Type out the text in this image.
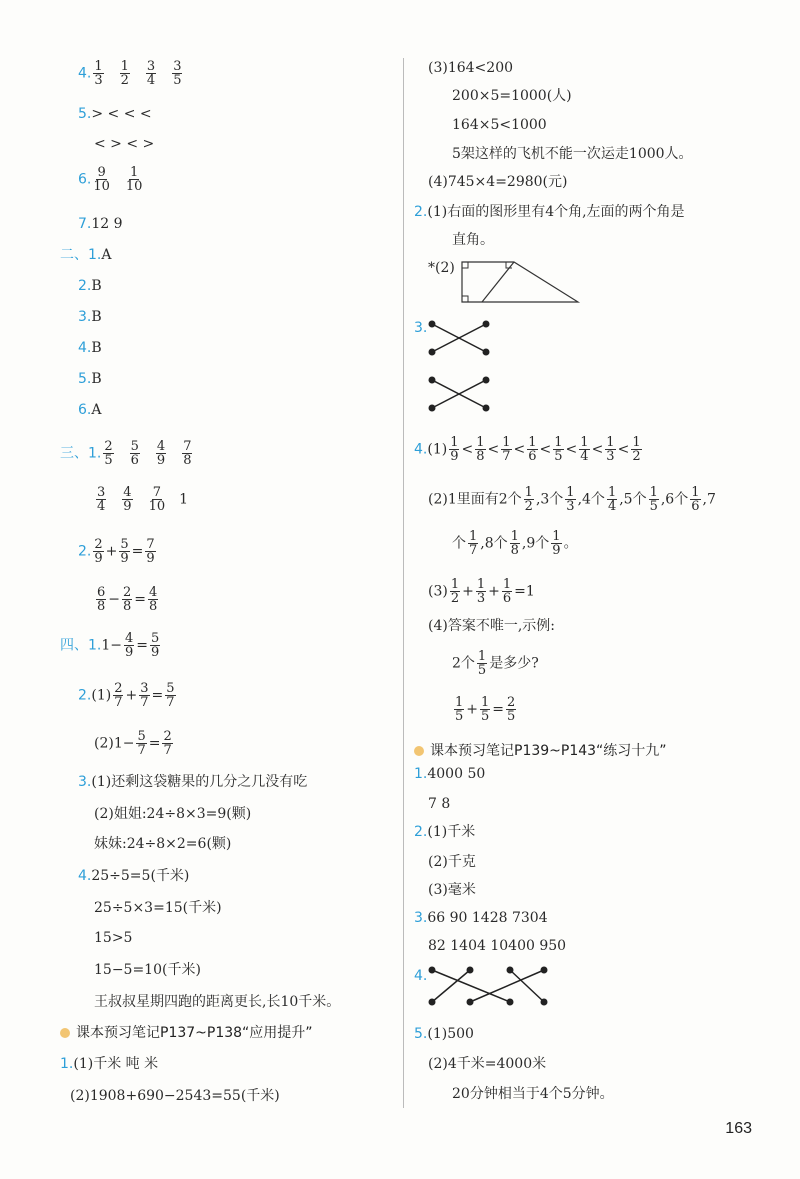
4. $\frac{1}{3} \frac{1}{2} \frac{3}{4} \frac{3}{5}$
5.> < < <
< > < >
6. $\frac{9}{10} \frac{1}{10}$
7.12 9
二、1.A
2.B
3.B
4.B
5.B
6.A
三、1. $\frac{2}{5} \frac{5}{6} \frac{4}{9} \frac{7}{8}$
$\frac{3}{4} \frac{4}{9} \frac{7}{10} 1$
2. $\frac{2}{9} + \frac{5}{9} = \frac{7}{9}$
$\frac{6}{8} - \frac{2}{8} = \frac{4}{8}$
四、$1.1- \frac{4}{9} = \frac{5}{9}$
$2.(1) \frac{2}{7} + \frac{3}{7} = \frac{5}{7}$
$(2)1- \frac{5}{7} = \frac{2}{7}$
3.(1)还剩这袋糖果的几分之几没有吃
(2)姐姐:24÷8×3=9(颗)
妹妹:24÷8×2=6(颗)
4.25÷5=5(千米)
25÷5×3=15(千米)
15>5
15−5=10(千米)
王叔叔星期四跑的距离更长,长10千米。
课本预习笔记P137~P138“应用提升”
1.(1)千米 吨 米
(2)1908+690−2543=55(千米)
(3)164<200
200×5=1000(人)
164×5<1000
5架这样的飞机不能一次运走1000人。
(4)745×4=2980(元)
2.(1)右面的图形里有4个角,左面的两个角是
直角。
*(2)
3.
$4.(1) \frac{1}{9} < \frac{1}{8} < \frac{1}{7} < \frac{1}{6} < \frac{1}{5} < \frac{1}{4} < \frac{1}{3} < \frac{1}{2}$
(2)1里面有2个 $\frac{1}{2} ,3$个 $\frac{1}{3} ,4$个 $\frac{1}{4} ,5$个 $\frac{1}{5} ,6$个 $\frac{1}{6} ,7$
个 $\frac{1}{7} ,8$个 $\frac{1}{8} ,9$个 $\frac{1}{9}$ 。
$(3) \frac{1}{2} + \frac{1}{3} + \frac{1}{6} =1$
(4)答案不唯一,示例:
2个 $\frac{1}{5}$ 是多少?
$\frac{1}{5} + \frac{1}{5} = \frac{2}{5}$
课本预习笔记P139~P143“练习十九”
1.4000 50
7 8
2.(1)千米
(2)千克
(3)毫米
3.66 90 1428 7304
82 1404 10400 950
4.
5.(1)500
(2)4千米=4000米
20分钟相当于4个5分钟。
163
